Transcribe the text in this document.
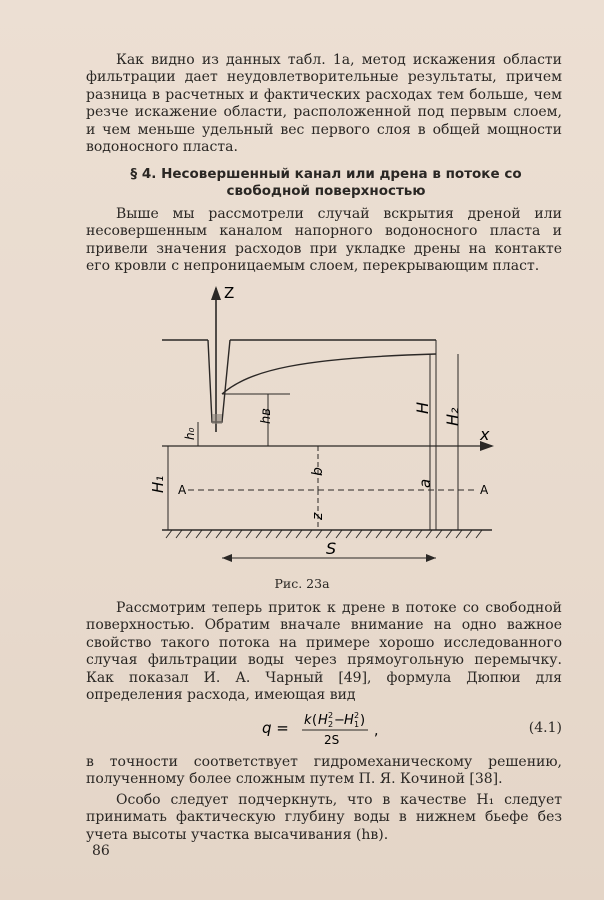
Как видно из данных табл. 1а, метод искажения области фильтрации дает неудовлетворительные результаты, причем разница в расчетных и фактических расходах тем больше, чем резче искажение области, расположенной под первым слоем, и чем меньше удельный вес первого слоя в общей мощности водоносного пласта.
§ 4. Несовершенный канал или дрена в потоке со свободной поверхностью
Выше мы рассмотрели случай вскрытия дреной или несовершенным каналом напорного водоносного пласта и привели значения расходов при укладке дрены на контакте его кровли с непроницаемым слоем, перекрывающим пласт.
Z
x
A	A
H₁
h₀
hв
b
z
H
a
H₂
S
Рис. 23а
Рассмотрим теперь приток к дрене в потоке со свободной поверхностью. Обратим вначале внимание на одно важное свойство такого потока на примере хорошо исследованного случая фильтрации воды через прямоугольную перемычку. Как показал И. А. Чарный [49], формула Дюпюи для определения расхода, имеющая вид
q = k ( H 2
2 − H 1
2 )
2S
,	(4.1)
в точности соответствует гидромеханическому решению, полученному более сложным путем П. Я. Кочиной [38].
Особо следует подчеркнуть, что в качестве H₁ следует принимать фактическую глубину воды в нижнем бьефе без учета высоты участка высачивания (hв).
86
